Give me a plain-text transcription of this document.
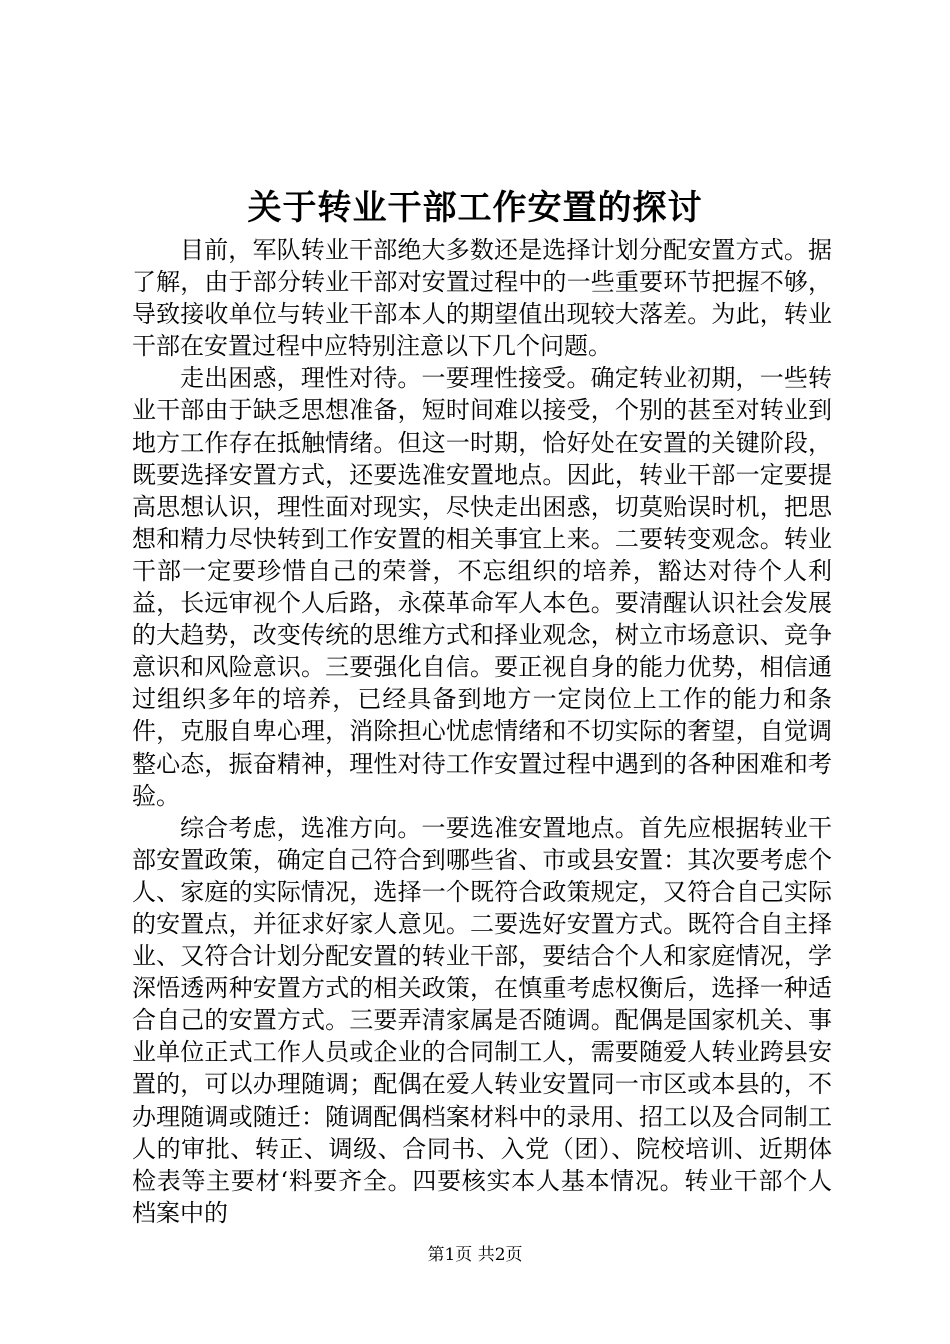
关于转业干部工作安置的探讨

目前，军队转业干部绝大多数还是选择计划分配安置方式。据了解，由于部分转业干部对安置过程中的一些重要环节把握不够，导致接收单位与转业干部本人的期望值出现较大落差。为此，转业干部在安置过程中应特别注意以下几个问题。

走出困惑，理性对待。一要理性接受。确定转业初期，一些转业干部由于缺乏思想准备，短时间难以接受，个别的甚至对转业到地方工作存在抵触情绪。但这一时期，恰好处在安置的关键阶段，既要选择安置方式，还要选准安置地点。因此，转业干部一定要提高思想认识，理性面对现实，尽快走出困惑，切莫贻误时机，把思想和精力尽快转到工作安置的相关事宜上来。二要转变观念。转业干部一定要珍惜自己的荣誉，不忘组织的培养，豁达对待个人利益，长远审视个人后路，永葆革命军人本色。要清醒认识社会发展的大趋势，改变传统的思维方式和择业观念，树立市场意识、竞争意识和风险意识。三要强化自信。要正视自身的能力优势，相信通过组织多年的培养，已经具备到地方一定岗位上工作的能力和条件，克服自卑心理，消除担心忧虑情绪和不切实际的奢望，自觉调整心态，振奋精神，理性对待工作安置过程中遇到的各种困难和考验。

综合考虑，选准方向。一要选准安置地点。首先应根据转业干部安置政策，确定自己符合到哪些省、市或县安置：其次要考虑个人、家庭的实际情况，选择一个既符合政策规定，又符合自己实际的安置点，并征求好家人意见。二要选好安置方式。既符合自主择业、又符合计划分配安置的转业干部，要结合个人和家庭情况，学深悟透两种安置方式的相关政策，在慎重考虑权衡后，选择一种适合自己的安置方式。三要弄清家属是否随调。配偶是国家机关、事业单位正式工作人员或企业的合同制工人，需要随爱人转业跨县安置的，可以办理随调；配偶在爱人转业安置同一市区或本县的，不办理随调或随迁：随调配偶档案材料中的录用、招工以及合同制工人的审批、转正、调级、合同书、入党（团）、院校培训、近期体检表等主要材‘料要齐全。四要核实本人基本情况。转业干部个人档案中的

第1页 共2页
